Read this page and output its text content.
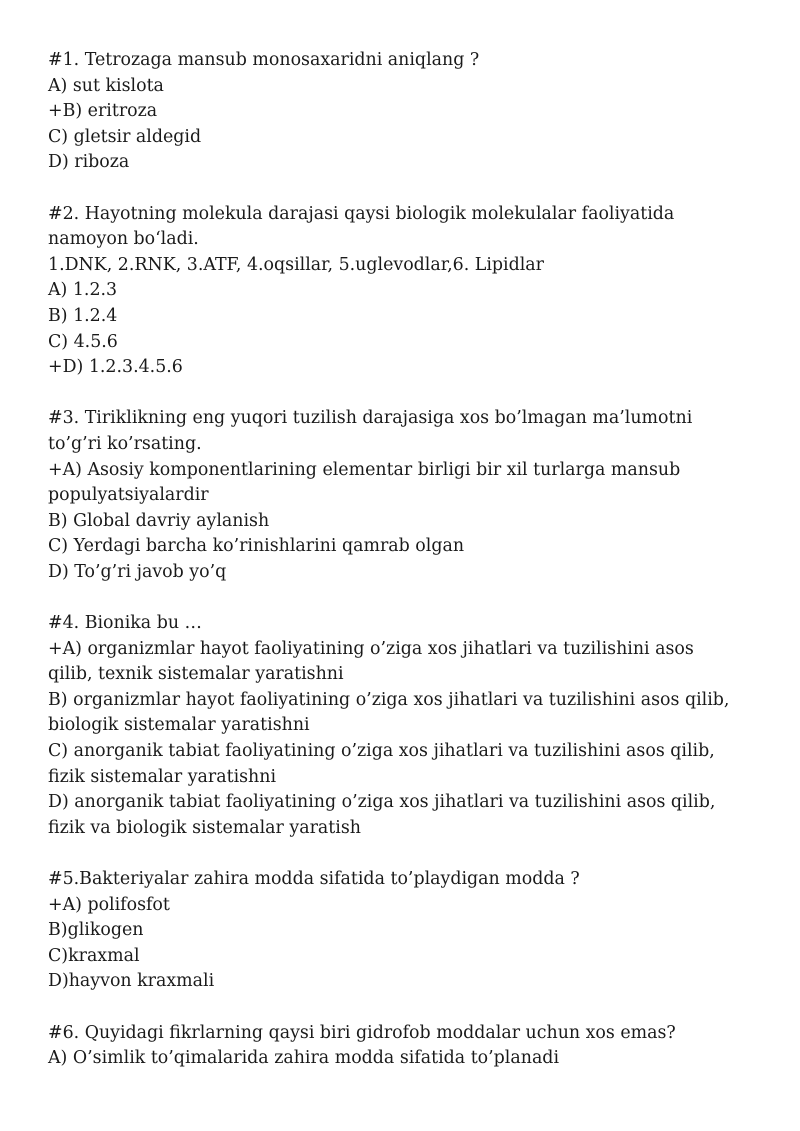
#1. Tetrozaga mansub monosaxaridni aniqlang ?
A) sut kislota
+B) eritroza
C) gletsir aldegid
D) riboza
#2. Hayotning molekula darajasi qaysi biologik molekulalar faoliyatida
namoyon bo‘ladi.
1.DNK, 2.RNK, 3.ATF, 4.oqsillar, 5.uglevodlar,6. Lipidlar
A) 1.2.3
B) 1.2.4
C) 4.5.6
+D) 1.2.3.4.5.6
#3. Tiriklikning eng yuqori tuzilish darajasiga xos bo’lmagan ma’lumotni
to’g’ri ko’rsating.
+A) Asosiy komponentlarining elementar birligi bir xil turlarga mansub
populyatsiyalardir
B) Global davriy aylanish
C) Yerdagi barcha ko’rinishlarini qamrab olgan
D) To’g’ri javob yo’q
#4. Bionika bu …
+A) organizmlar hayot faoliyatining o’ziga xos jihatlari va tuzilishini asos
qilib, texnik sistemalar yaratishni
B) organizmlar hayot faoliyatining o’ziga xos jihatlari va tuzilishini asos qilib,
biologik sistemalar yaratishni
C) anorganik tabiat faoliyatining o’ziga xos jihatlari va tuzilishini asos qilib,
fizik sistemalar yaratishni
D) anorganik tabiat faoliyatining o’ziga xos jihatlari va tuzilishini asos qilib,
fizik va biologik sistemalar yaratish
#5.Bakteriyalar zahira modda sifatida to’playdigan modda ?
+A) polifosfot
B)glikogen
C)kraxmal
D)hayvon kraxmali
#6. Quyidagi fikrlarning qaysi biri gidrofob moddalar uchun xos emas?
A) O’simlik to’qimalarida zahira modda sifatida to’planadi
